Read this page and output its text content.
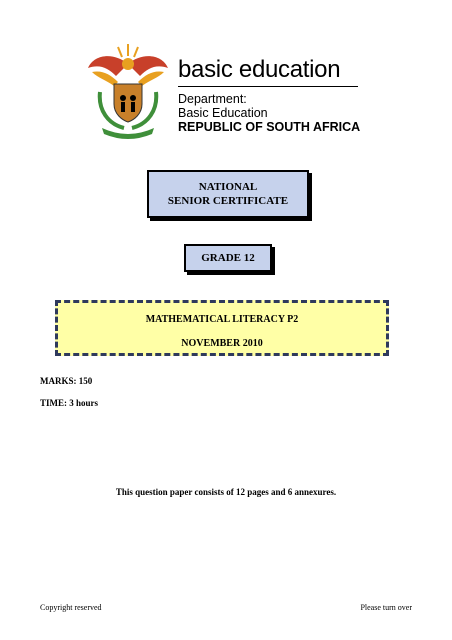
basic education
Department:
Basic Education
REPUBLIC OF SOUTH AFRICA
NATIONAL
SENIOR CERTIFICATE
GRADE 12
MATHEMATICAL LITERACY P2
NOVEMBER 2010
MARKS: 150
TIME: 3 hours
This question paper consists of 12 pages and 6 annexures.
Copyright reserved	Please turn over
